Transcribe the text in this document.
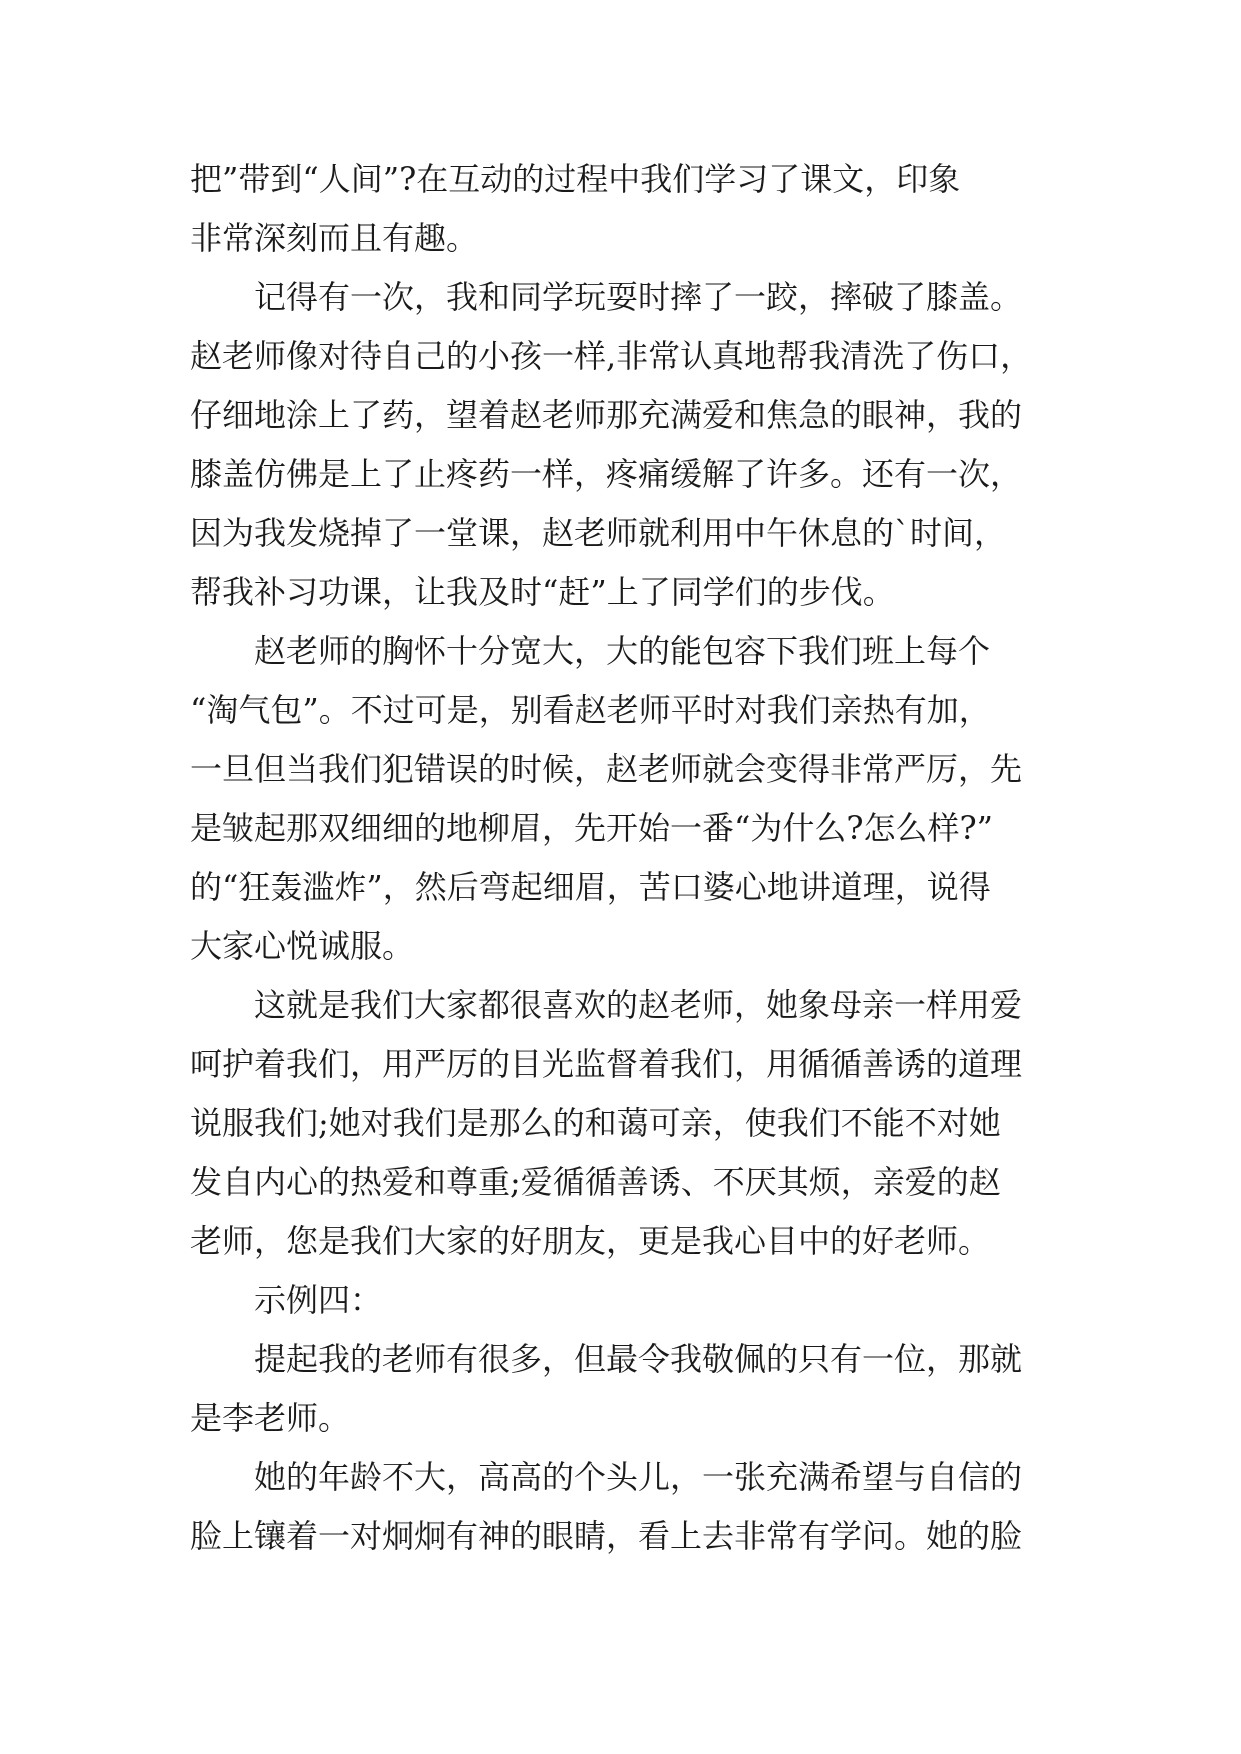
把”带到“人间”?在互动的过程中我们学习了课文，印象
非常深刻而且有趣。
记得有一次，我和同学玩耍时摔了一跤，摔破了膝盖。
赵老师像对待自己的小孩一样,非常认真地帮我清洗了伤口，
仔细地涂上了药，望着赵老师那充满爱和焦急的眼神，我的
膝盖仿佛是上了止疼药一样，疼痛缓解了许多。还有一次，
因为我发烧掉了一堂课，赵老师就利用中午休息的`时间，
帮我补习功课，让我及时“赶”上了同学们的步伐。
赵老师的胸怀十分宽大，大的能包容下我们班上每个
“淘气包”。不过可是，别看赵老师平时对我们亲热有加，
一旦但当我们犯错误的时候，赵老师就会变得非常严厉，先
是皱起那双细细的地柳眉，先开始一番“为什么?怎么样?”
的“狂轰滥炸”，然后弯起细眉，苦口婆心地讲道理，说得
大家心悦诚服。
这就是我们大家都很喜欢的赵老师，她象母亲一样用爱
呵护着我们，用严厉的目光监督着我们，用循循善诱的道理
说服我们;她对我们是那么的和蔼可亲，使我们不能不对她
发自内心的热爱和尊重;爱循循善诱、不厌其烦，亲爱的赵
老师，您是我们大家的好朋友，更是我心目中的好老师。
示例四：
提起我的老师有很多，但最令我敬佩的只有一位，那就
是李老师。
她的年龄不大，高高的个头儿，一张充满希望与自信的
脸上镶着一对炯炯有神的眼睛，看上去非常有学问。她的脸
